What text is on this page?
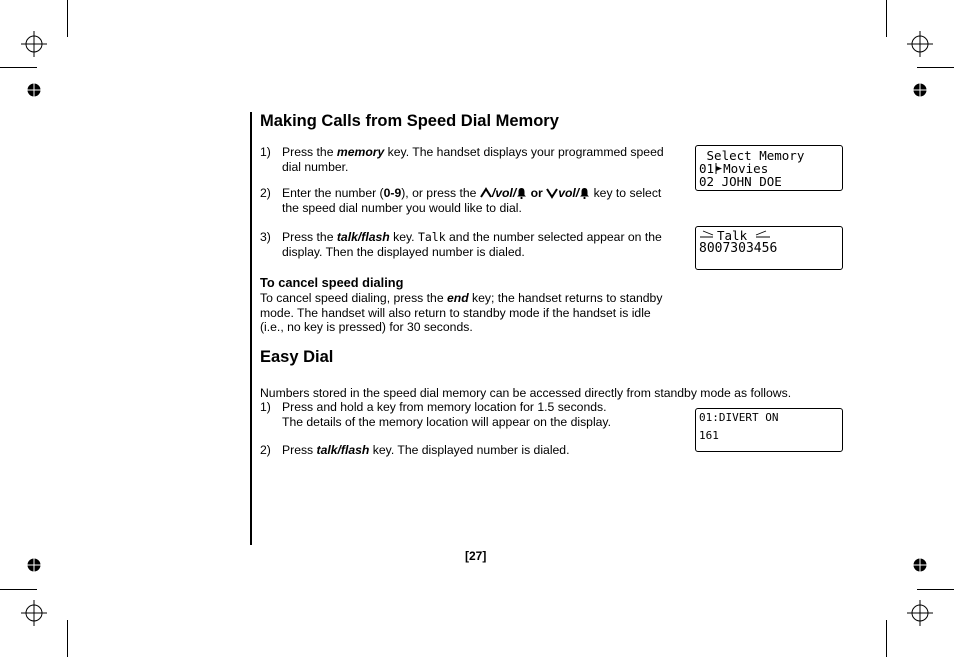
Making Calls from Speed Dial Memory
1) Press the memory key. The handset displays your programmed speed
dial number.
2) Enter the number (0-9), or press the /vol/ or vol/ key to select
the speed dial number you would like to dial.
3) Press the talk/flash key. Talk and the number selected appear on the
display. Then the displayed number is dialed.
To cancel speed dialing
To cancel speed dialing, press the end key; the handset returns to standby
mode. The handset will also return to standby mode if the handset is idle
(i.e., no key is pressed) for 30 seconds.
Select Memory
01 Movies
02 JOHN DOE
Talk
8007303456
Easy Dial
Numbers stored in the speed dial memory can be accessed directly from standby mode as follows.
1) Press and hold a key from memory location for 1.5 seconds.
The details of the memory location will appear on the display.
2) Press talk/flash key. The displayed number is dialed.
01:DIVERT ON
161
[27]
